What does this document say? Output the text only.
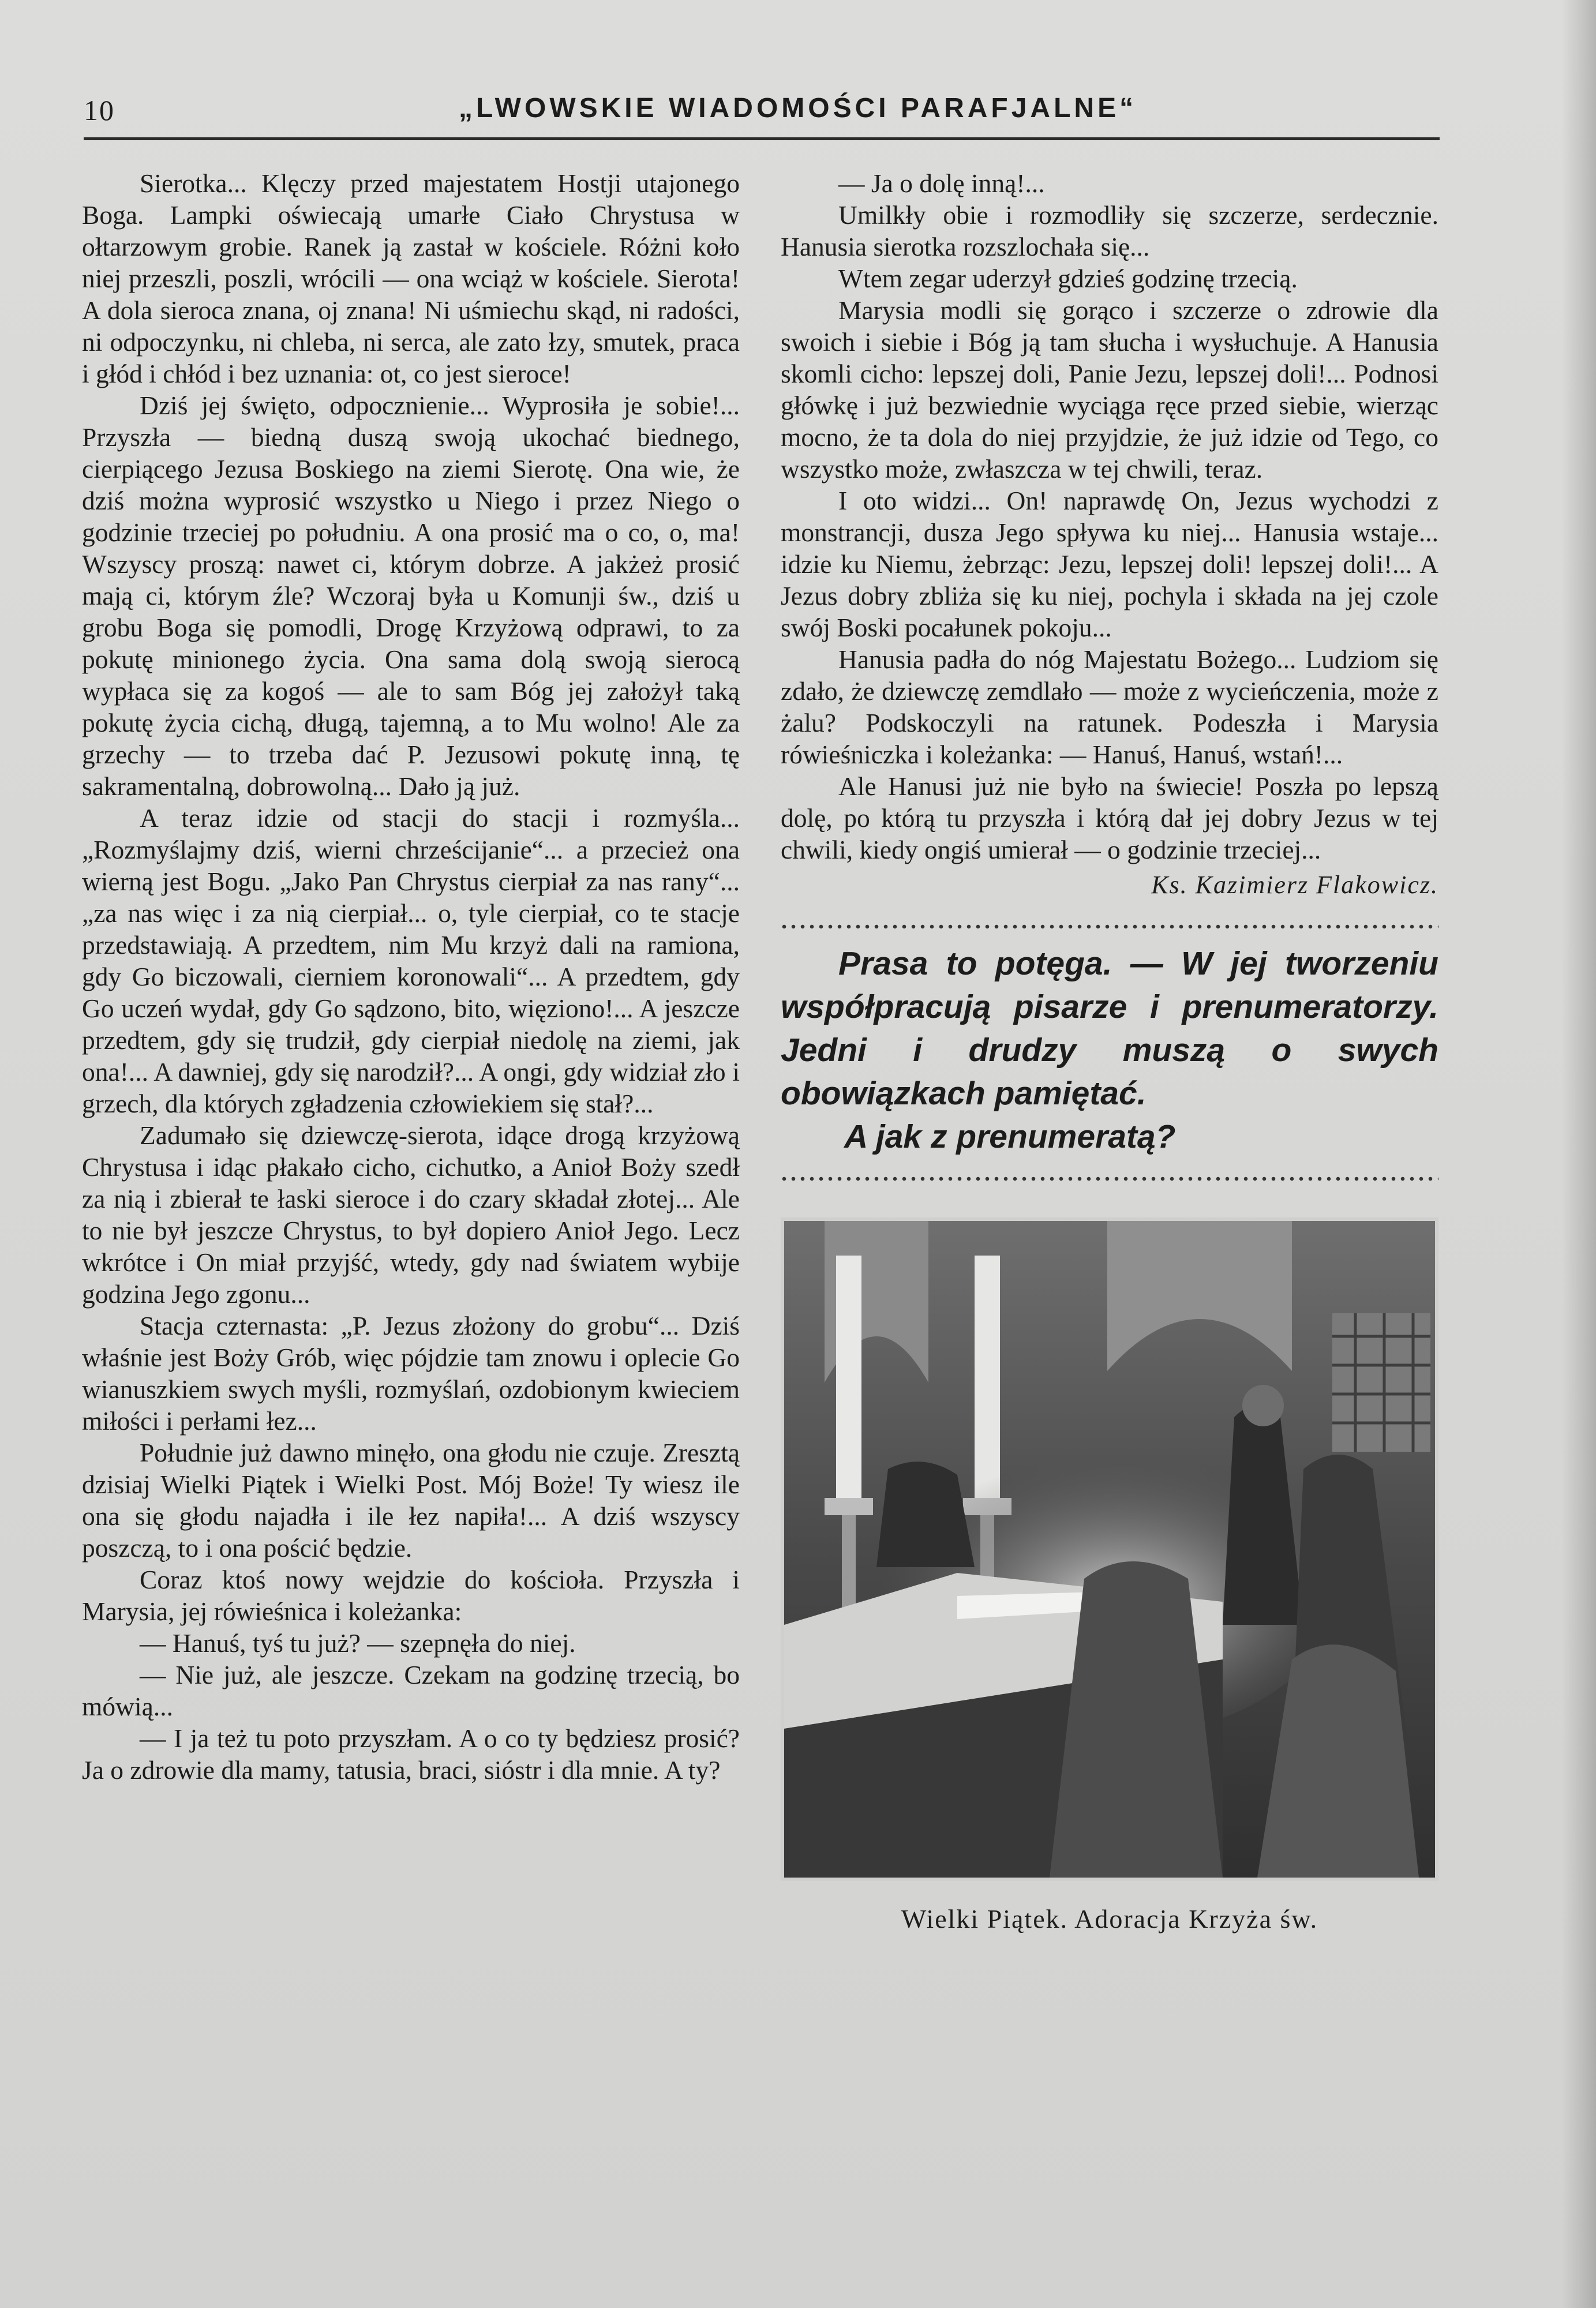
10	„LWOWSKIE WIADOMOŚCI PARAFJALNE“

Sierotka... Klęczy przed majestatem Hostji utajonego Boga. Lampki oświecają umarłe Ciało Chrystusa w ołtarzowym grobie. Ranek ją zastał w kościele. Różni koło niej przeszli, poszli, wrócili — ona wciąż w kościele. Sierota! A dola sieroca znana, oj znana! Ni uśmiechu skąd, ni radości, ni odpoczynku, ni chleba, ni serca, ale zato łzy, smutek, praca i głód i chłód i bez uznania: ot, co jest sieroce!

Dziś jej święto, odpocznienie... Wyprosiła je sobie!... Przyszła — biedną duszą swoją ukochać biednego, cierpiącego Jezusa Boskiego na ziemi Sierotę. Ona wie, że dziś można wyprosić wszystko u Niego i przez Niego o godzinie trzeciej po południu. A ona prosić ma o co, o, ma! Wszyscy proszą: nawet ci, którym dobrze. A jakżeż prosić mają ci, którym źle? Wczoraj była u Komunji św., dziś u grobu Boga się pomodli, Drogę Krzyżową odprawi, to za pokutę minionego życia. Ona sama dolą swoją sierocą wypłaca się za kogoś — ale to sam Bóg jej założył taką pokutę życia cichą, długą, tajemną, a to Mu wolno! Ale za grzechy — to trzeba dać P. Jezusowi pokutę inną, tę sakramentalną, dobrowolną... Dało ją już.

A teraz idzie od stacji do stacji i rozmyśla... „Rozmyślajmy dziś, wierni chrześcijanie“... a przecież ona wierną jest Bogu. „Jako Pan Chrystus cierpiał za nas rany“... „za nas więc i za nią cierpiał... o, tyle cierpiał, co te stacje przedstawiają. A przedtem, nim Mu krzyż dali na ramiona, gdy Go biczowali, cierniem koronowali“... A przedtem, gdy Go uczeń wydał, gdy Go sądzono, bito, więziono!... A jeszcze przedtem, gdy się trudził, gdy cierpiał niedolę na ziemi, jak ona!... A dawniej, gdy się narodził?... A ongi, gdy widział zło i grzech, dla których zgładzenia człowiekiem się stał?...

Zadumało się dziewczę-sierota, idące drogą krzyżową Chrystusa i idąc płakało cicho, cichutko, a Anioł Boży szedł za nią i zbierał te łaski sieroce i do czary składał złotej... Ale to nie był jeszcze Chrystus, to był dopiero Anioł Jego. Lecz wkrótce i On miał przyjść, wtedy, gdy nad światem wybije godzina Jego zgonu...

Stacja czternasta: „P. Jezus złożony do grobu“... Dziś właśnie jest Boży Grób, więc pójdzie tam znowu i oplecie Go wianuszkiem swych myśli, rozmyślań, ozdobionym kwieciem miłości i perłami łez...

Południe już dawno minęło, ona głodu nie czuje. Zresztą dzisiaj Wielki Piątek i Wielki Post. Mój Boże! Ty wiesz ile ona się głodu najadła i ile łez napiła!... A dziś wszyscy poszczą, to i ona pościć będzie.

Coraz ktoś nowy wejdzie do kościoła. Przyszła i Marysia, jej rówieśnica i koleżanka:

— Hanuś, tyś tu już? — szepnęła do niej.

— Nie już, ale jeszcze. Czekam na godzinę trzecią, bo mówią...

— I ja też tu poto przyszłam. A o co ty będziesz prosić? Ja o zdrowie dla mamy, tatusia, braci, sióstr i dla mnie. A ty?

— Ja o dolę inną!...

Umilkły obie i rozmodliły się szczerze, serdecznie. Hanusia sierotka rozszlochała się...

Wtem zegar uderzył gdzieś godzinę trzecią.

Marysia modli się gorąco i szczerze o zdrowie dla swoich i siebie i Bóg ją tam słucha i wysłuchuje. A Hanusia skomli cicho: lepszej doli, Panie Jezu, lepszej doli!... Podnosi główkę i już bezwiednie wyciąga ręce przed siebie, wierząc mocno, że ta dola do niej przyjdzie, że już idzie od Tego, co wszystko może, zwłaszcza w tej chwili, teraz.

I oto widzi... On! naprawdę On, Jezus wychodzi z monstrancji, dusza Jego spływa ku niej... Hanusia wstaje... idzie ku Niemu, żebrząc: Jezu, lepszej doli! lepszej doli!... A Jezus dobry zbliża się ku niej, pochyla i składa na jej czole swój Boski pocałunek pokoju...

Hanusia padła do nóg Majestatu Bożego... Ludziom się zdało, że dziewczę zemdlało — może z wycieńczenia, może z żalu? Podskoczyli na ratunek. Podeszła i Marysia rówieśniczka i koleżanka: — Hanuś, Hanuś, wstań!...

Ale Hanusi już nie było na świecie! Poszła po lepszą dolę, po którą tu przyszła i którą dał jej dobry Jezus w tej chwili, kiedy ongiś umierał — o godzinie trzeciej...

Ks. Kazimierz Flakowicz.

Prasa to potęga. — W jej tworzeniu współpracują pisarze i prenumeratorzy. Jedni i drudzy muszą o swych obowiązkach pamiętać.

A jak z prenumeratą?

Wielki Piątek. Adoracja Krzyża św.
